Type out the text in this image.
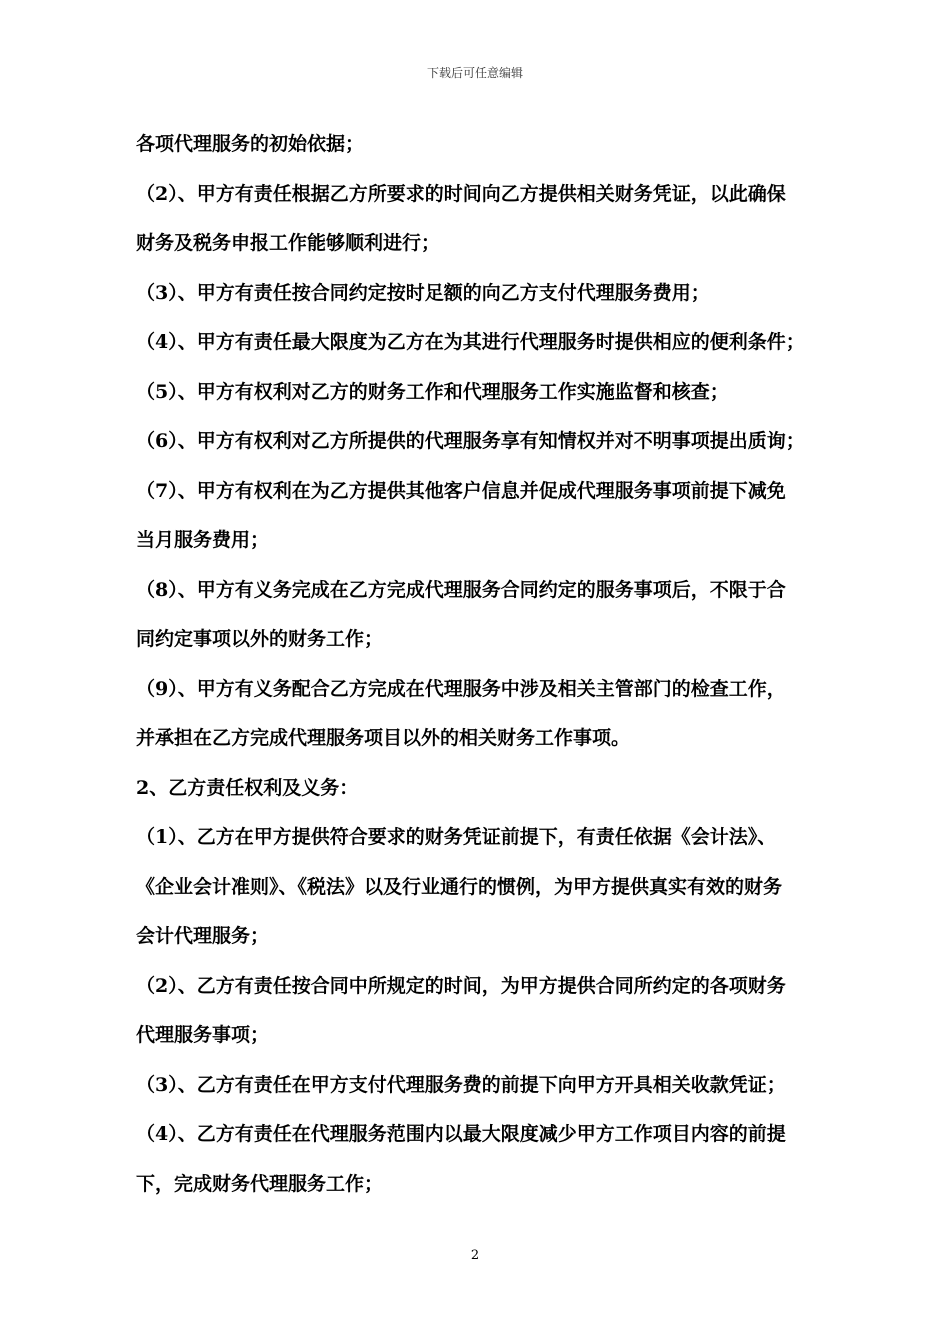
下载后可任意编辑
各项代理服务的初始依据；
（2）、甲方有责任根据乙方所要求的时间向乙方提供相关财务凭证，以此确保
财务及税务申报工作能够顺利进行；
（3）、甲方有责任按合同约定按时足额的向乙方支付代理服务费用；
（4）、甲方有责任最大限度为乙方在为其进行代理服务时提供相应的便利条件；
（5）、甲方有权利对乙方的财务工作和代理服务工作实施监督和核查；
（6）、甲方有权利对乙方所提供的代理服务享有知情权并对不明事项提出质询；
（7）、甲方有权利在为乙方提供其他客户信息并促成代理服务事项前提下减免
当月服务费用；
（8）、甲方有义务完成在乙方完成代理服务合同约定的服务事项后，不限于合
同约定事项以外的财务工作；
（9）、甲方有义务配合乙方完成在代理服务中涉及相关主管部门的检查工作，
并承担在乙方完成代理服务项目以外的相关财务工作事项。
2、乙方责任权利及义务：
（1）、乙方在甲方提供符合要求的财务凭证前提下，有责任依据《会计法》、
《企业会计准则》、《税法》以及行业通行的惯例，为甲方提供真实有效的财务
会计代理服务；
（2）、乙方有责任按合同中所规定的时间，为甲方提供合同所约定的各项财务
代理服务事项；
（3）、乙方有责任在甲方支付代理服务费的前提下向甲方开具相关收款凭证；
（4）、乙方有责任在代理服务范围内以最大限度减少甲方工作项目内容的前提
下，完成财务代理服务工作；
2
